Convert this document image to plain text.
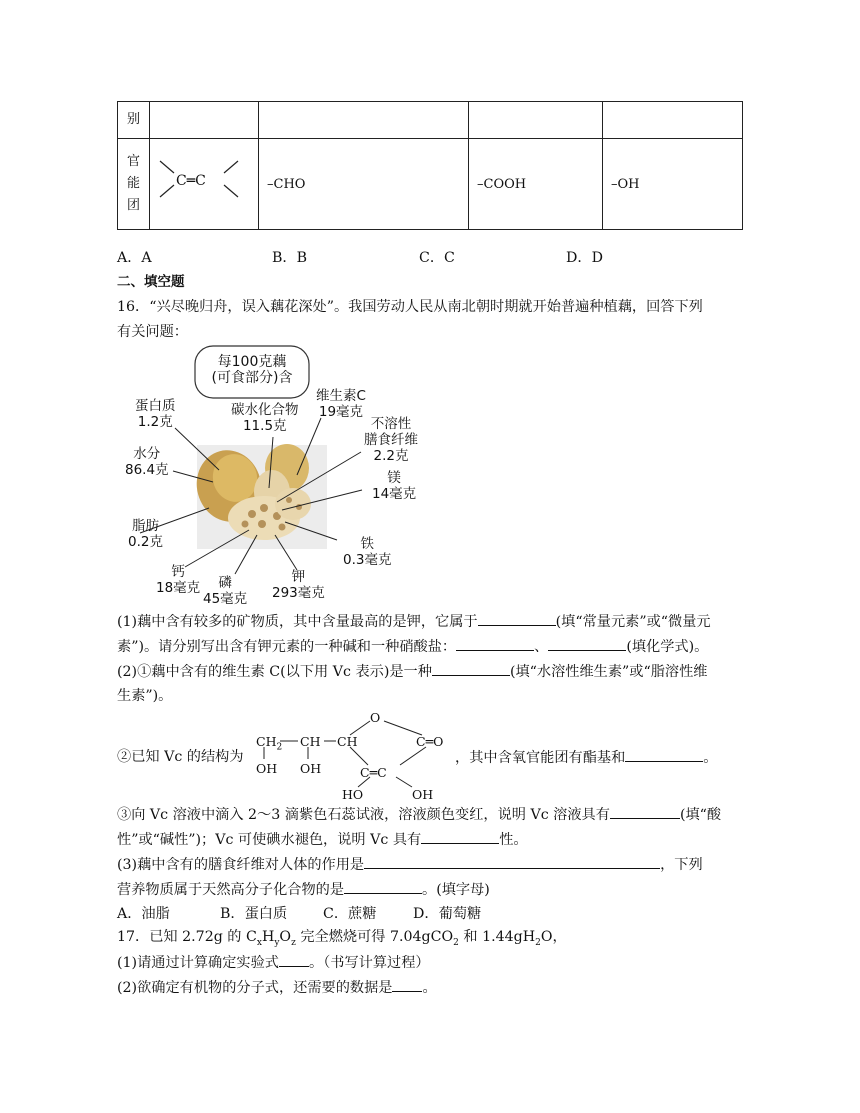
别				

官
能
团	C═C	–CHO	–COOH	–OH
A．A	B．B	C．C	D．D
二、填空题
16．“兴尽晚归舟，误入藕花深处”。我国劳动人民从南北朝时期就开始普遍种植藕，回答下列
有关问题：
每100克藕
(可食部分)含
蛋白质
1.2克
碳水化合物
11.5克
维生素C
19毫克
不溶性
膳食纤维
2.2克
水分
86.4克	镁
14毫克
脂肪
0.2克	铁
0.3毫克
钙
18毫克	磷
45毫克
钾
293毫克
(1)藕中含有较多的矿物质，其中含量最高的是钾，它属于	(填“常量元素”或“微量元
素”)。请分别写出含有钾元素的一种碱和一种硝酸盐：	、	(填化学式)。
(2)①藕中含有的维生素 C(以下用 Vc 表示)是一种	(填“水溶性维生素”或“脂溶性维
生素”)。
②已知 Vc 的结构为
$CH_2$ CH CH
O
C═O
OH OH	C═C
HO	OH
，其中含氧官能团有酯基和	。
③向 Vc 溶液中滴入 2～3 滴紫色石蕊试液，溶液颜色变红，说明 Vc 溶液具有	(填“酸
性”或“碱性”)；Vc 可使碘水褪色，说明 Vc 具有	性。
(3)藕中含有的膳食纤维对人体的作用是	，下列
营养物质属于天然高分子化合物的是	。(填字母)
A．油脂	B．蛋白质	C．蔗糖	D．葡萄糖
17．已知 2.72g 的 $C_xH_yO_z$ 完全燃烧可得 7.04gCO$_2$ 和 $1.44gH_2O$，
(1)请通过计算确定实验式 。（书写计算过程）
(2)欲确定有机物的分子式，还需要的数据是 。
